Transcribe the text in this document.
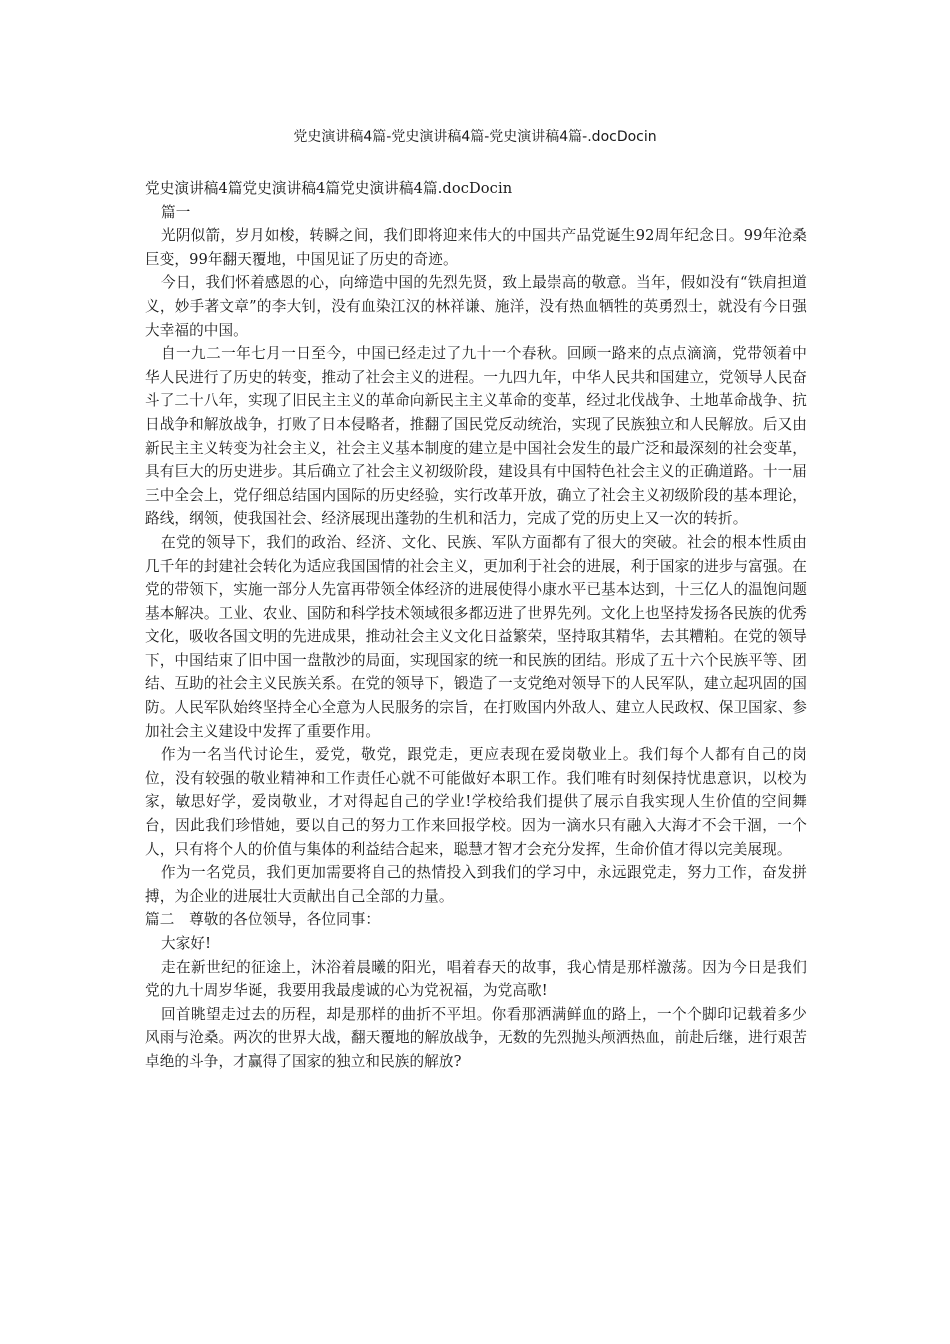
党史演讲稿4篇-党史演讲稿4篇-党史演讲稿4篇-.docDocin

党史演讲稿4篇党史演讲稿4篇党史演讲稿4篇.docDocin

篇一

光阴似箭，岁月如梭，转瞬之间，我们即将迎来伟大的中国共产品党诞生92周年纪念日。99年沧桑巨变，99年翻天覆地，中国见证了历史的奇迹。

今日，我们怀着感恩的心，向缔造中国的先烈先贤，致上最崇高的敬意。当年，假如没有“铁肩担道义，妙手著文章”的李大钊，没有血染江汉的林祥谦、施洋，没有热血牺牲的英勇烈士，就没有今日强大幸福的中国。

自一九二一年七月一日至今，中国已经走过了九十一个春秋。回顾一路来的点点滴滴，党带领着中华人民进行了历史的转变，推动了社会主义的进程。一九四九年，中华人民共和国建立，党领导人民奋斗了二十八年，实现了旧民主主义的革命向新民主主义革命的变革，经过北伐战争、土地革命战争、抗日战争和解放战争，打败了日本侵略者，推翻了国民党反动统治，实现了民族独立和人民解放。后又由新民主主义转变为社会主义，社会主义基本制度的建立是中国社会发生的最广泛和最深刻的社会变革，具有巨大的历史进步。其后确立了社会主义初级阶段，建设具有中国特色社会主义的正确道路。十一届三中全会上，党仔细总结国内国际的历史经验，实行改革开放，确立了社会主义初级阶段的基本理论，路线，纲领，使我国社会、经济展现出蓬勃的生机和活力，完成了党的历史上又一次的转折。

在党的领导下，我们的政治、经济、文化、民族、军队方面都有了很大的突破。社会的根本性质由几千年的封建社会转化为适应我国国情的社会主义，更加利于社会的进展，利于国家的进步与富强。在党的带领下，实施一部分人先富再带领全体经济的进展使得小康水平已基本达到，十三亿人的温饱问题基本解决。工业、农业、国防和科学技术领域很多都迈进了世界先列。文化上也坚持发扬各民族的优秀文化，吸收各国文明的先进成果，推动社会主义文化日益繁荣，坚持取其精华，去其糟粕。在党的领导下，中国结束了旧中国一盘散沙的局面，实现国家的统一和民族的团结。形成了五十六个民族平等、团结、互助的社会主义民族关系。在党的领导下，锻造了一支党绝对领导下的人民军队，建立起巩固的国防。人民军队始终坚持全心全意为人民服务的宗旨，在打败国内外敌人、建立人民政权、保卫国家、参加社会主义建设中发挥了重要作用。

作为一名当代讨论生，爱党，敬党，跟党走，更应表现在爱岗敬业上。我们每个人都有自己的岗位，没有较强的敬业精神和工作责任心就不可能做好本职工作。我们唯有时刻保持忧患意识，以校为家，敏思好学，爱岗敬业，才对得起自己的学业!学校给我们提供了展示自我实现人生价值的空间舞台，因此我们珍惜她，要以自己的努力工作来回报学校。因为一滴水只有融入大海才不会干涸，一个人，只有将个人的价值与集体的利益结合起来，聪慧才智才会充分发挥，生命价值才得以完美展现。

作为一名党员，我们更加需要将自己的热情投入到我们的学习中，永远跟党走，努力工作，奋发拼搏，为企业的进展壮大贡献出自己全部的力量。

篇二　尊敬的各位领导，各位同事：

大家好!

走在新世纪的征途上，沐浴着晨曦的阳光，唱着春天的故事，我心情是那样激荡。因为今日是我们党的九十周岁华诞，我要用我最虔诚的心为党祝福，为党高歌!

回首眺望走过去的历程，却是那样的曲折不平坦。你看那洒满鲜血的路上，一个个脚印记载着多少风雨与沧桑。两次的世界大战，翻天覆地的解放战争，无数的先烈抛头颅洒热血，前赴后继，进行艰苦卓绝的斗争，才赢得了国家的独立和民族的解放?
